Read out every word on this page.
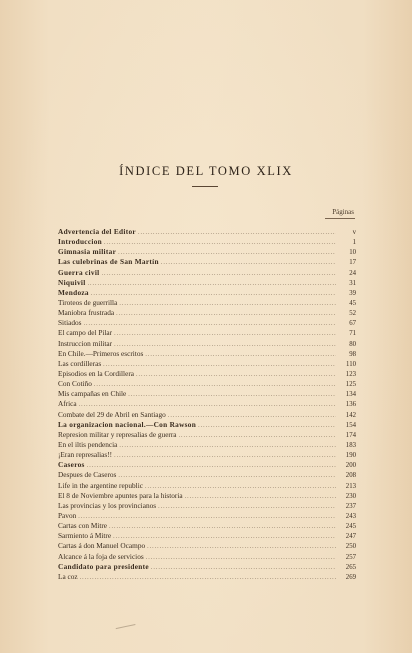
ÍNDICE DEL TOMO XLIX
Páginas
Advertencia del Editor .....	v
Introduccion .....	1
Gimnasia militar .....	10
Las culebrinas de San Martín .....	17
Guerra civil .....	24
Niquivil .....	31
Mendoza .....	39
Tiroteos de guerrilla .....	45
Maniobra frustrada .....	52
Sitiados .....	67
El campo del Pilar .....	71
Instruccion militar .....	80
En Chile.—Primeros escritos .....	98
Las cordilleras .....	110
Episodios en la Cordillera .....	123
Con Cotiño .....	125
Mis campañas en Chile .....	134
Africa .....	136
Combate del 29 de Abril en Santiago .....	142
La organizacion nacional.—Con Rawson .....	154
Represion militar y represalias de guerra .....	174
En el iltis pendencia .....	183
¡Eran represalias!! .....	190
Caseros .....	200
Despues de Caseros .....	208
Life in the argentine republic .....	213
El 8 de Noviembre apuntes para la historia .....	230
Las provincias y los provincianos .....	237
Pavon .....	243
Cartas con Mitre .....	245
Sarmiento á Mitre .....	247
Cartas á don Manuel Ocampo .....	250
Alcance á la foja de servicios .....	257
Candidato para presidente .....	265
La coz .....	269
